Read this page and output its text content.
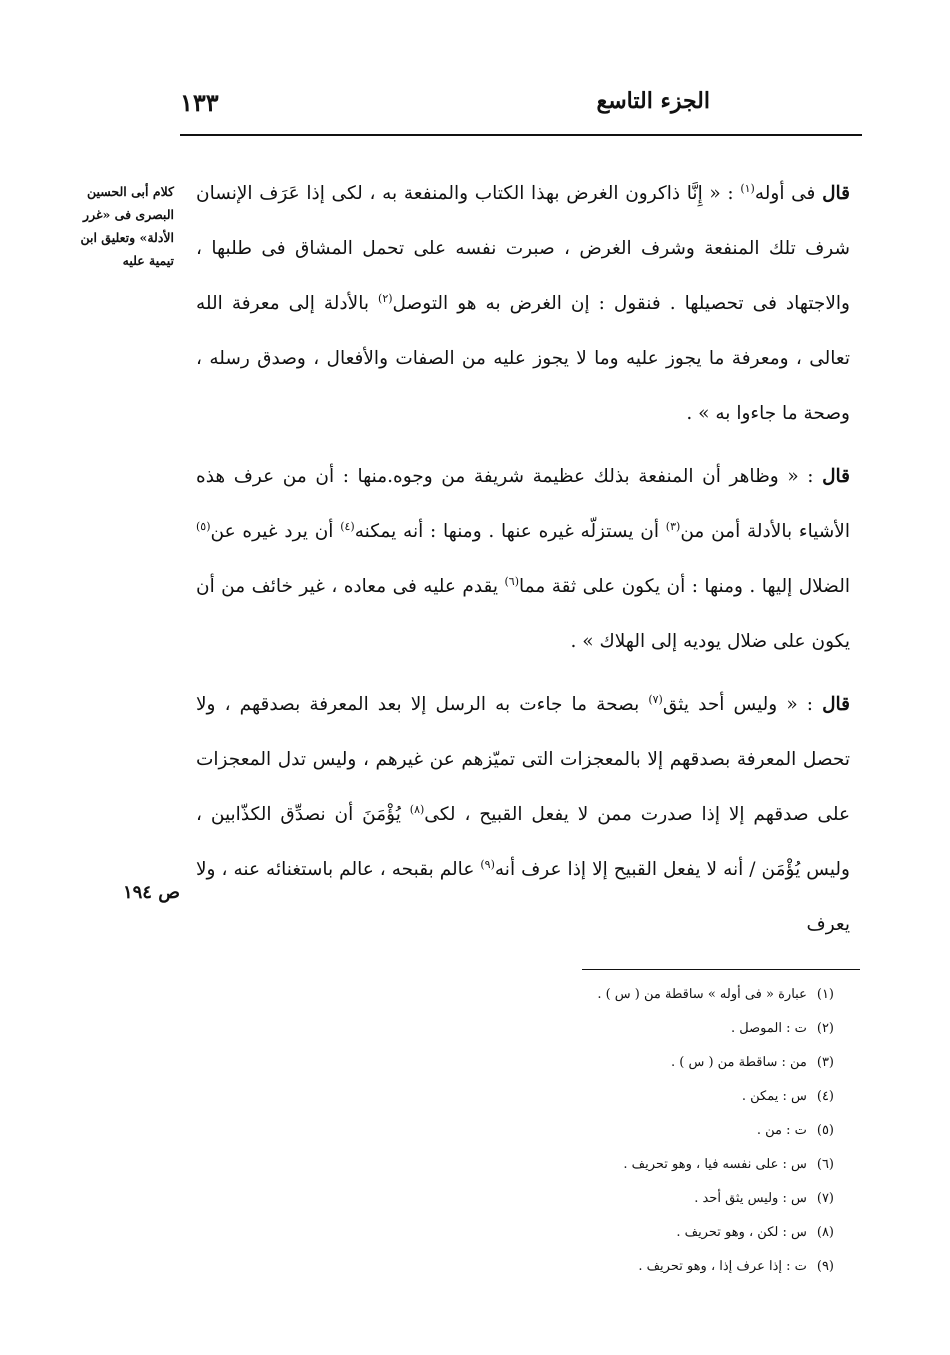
الجزء التاسع
١٣٣
كلام أبى الحسين البصرى فى «غرر الأدلة» وتعليق ابن تيمية عليه
ص ١٩٤

قال فى أوله$^{(١)}$ : « إِنَّا ذاكرون الغرض بهذا الكتاب والمنفعة به ، لكى إذا عَرَف الإنسان شرف تلك المنفعة وشرف الغرض ، صبرت نفسه على تحمل المشاق فى طلبها ، والاجتهاد فى تحصيلها . فنقول : إن الغرض به هو التوصل$^{(٢)}$ بالأدلة إلى معرفة الله تعالى ، ومعرفة ما يجوز عليه وما لا يجوز عليه من الصفات والأفعال ، وصدق رسله ، وصحة ما جاءوا به » .

قال : « وظاهر أن المنفعة بذلك عظيمة شريفة من وجوه.منها : أن من عرف هذه الأشياء بالأدلة أمن من$^{(٣)}$ أن يستزلّه غيره عنها . ومنها : أنه يمكنه$^{(٤)}$ أن يرد غيره عن$^{(٥)}$ الضلال إليها . ومنها : أن يكون على ثقة مما$^{(٦)}$ يقدم عليه فى معاده ، غير خائف من أن يكون على ضلال يوديه إلى الهلاك » .

قال : « وليس أحد يثق$^{(٧)}$ بصحة ما جاءت به الرسل إلا بعد المعرفة بصدقهم ، ولا تحصل المعرفة بصدقهم إلا بالمعجزات التى تميّزهم عن غيرهم ، وليس تدل المعجزات على صدقهم إلا إذا صدرت ممن لا يفعل القبيح ، لكى$^{(٨)}$ يُؤْمَنَ أن نصدِّق الكذّابين ، وليس يُؤْمَن / أنه لا يفعل القبيح إلا إذا عرف أنه$^{(٩)}$ عالم بقبحه ، عالم باستغنائه عنه ، ولا يعرف

(١)عبارة « فى أوله » ساقطة من ( س ) .
(٢)ت : الموصل .
(٣)من : ساقطة من ( س ) .
(٤)س : يمكن .
(٥)ت : من .
(٦)س : على نفسه فيا ، وهو تحريف .
(٧)س : وليس يثق أحد .
(٨)س : لكن ، وهو تحريف .
(٩)ت : إذا عرف إذا ، وهو تحريف .
